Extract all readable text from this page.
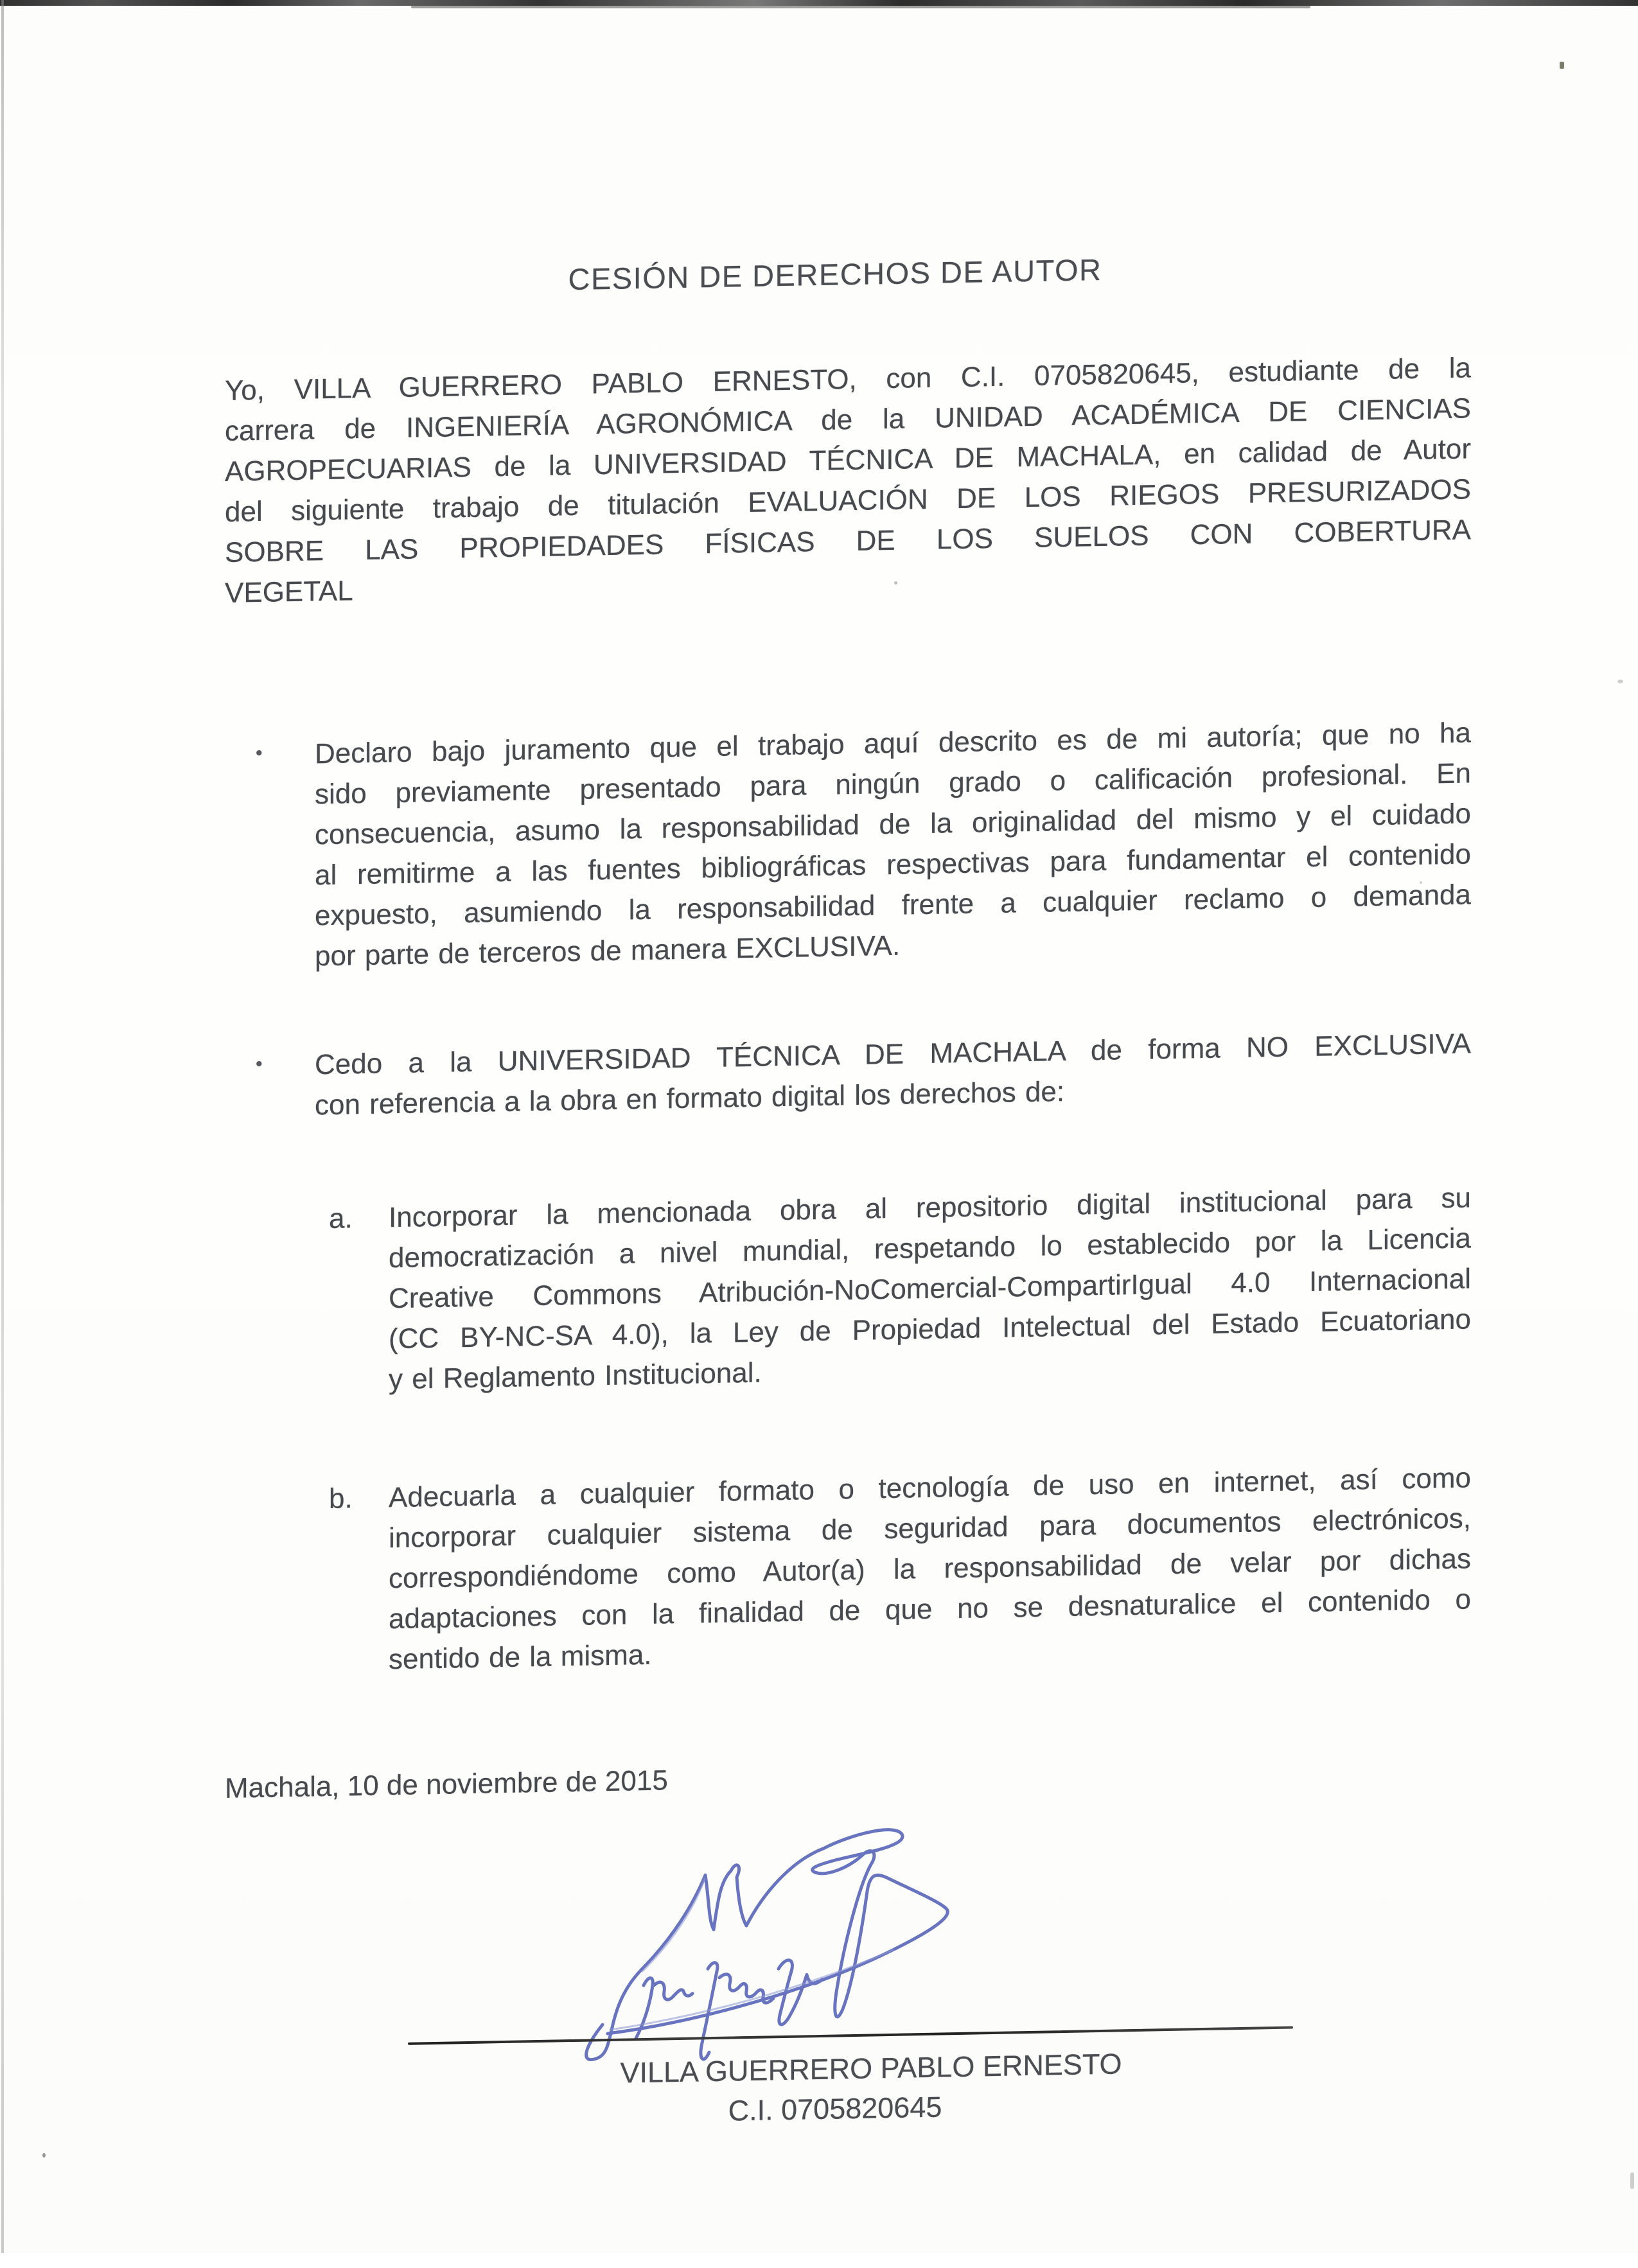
CESIÓN DE DERECHOS DE AUTOR
Yo, VILLA GUERRERO PABLO ERNESTO, con C.I. 0705820645, estudiante de la
carrera de INGENIERÍA AGRONÓMICA de la UNIDAD ACADÉMICA DE CIENCIAS
AGROPECUARIAS de la UNIVERSIDAD TÉCNICA DE MACHALA, en calidad de Autor
del siguiente trabajo de titulación EVALUACIÓN DE LOS RIEGOS PRESURIZADOS
SOBRE LAS PROPIEDADES FÍSICAS DE LOS SUELOS CON COBERTURA
VEGETAL
• Declaro bajo juramento que el trabajo aquí descrito es de mi autoría; que no ha
sido previamente presentado para ningún grado o calificación profesional. En
consecuencia, asumo la responsabilidad de la originalidad del mismo y el cuidado
al remitirme a las fuentes bibliográficas respectivas para fundamentar el contenido
expuesto, asumiendo la responsabilidad frente a cualquier reclamo o demanda
por parte de terceros de manera EXCLUSIVA.
• Cedo a la UNIVERSIDAD TÉCNICA DE MACHALA de forma NO EXCLUSIVA
con referencia a la obra en formato digital los derechos de:
a. Incorporar la mencionada obra al repositorio digital institucional para su
democratización a nivel mundial, respetando lo establecido por la Licencia
Creative Commons Atribución-NoComercial-CompartirIgual 4.0 Internacional
(CC BY-NC-SA 4.0), la Ley de Propiedad Intelectual del Estado Ecuatoriano
y el Reglamento Institucional.
b. Adecuarla a cualquier formato o tecnología de uso en internet, así como
incorporar cualquier sistema de seguridad para documentos electrónicos,
correspondiéndome como Autor(a) la responsabilidad de velar por dichas
adaptaciones con la finalidad de que no se desnaturalice el contenido o
sentido de la misma.
Machala, 10 de noviembre de 2015
VILLA GUERRERO PABLO ERNESTO
C.I. 0705820645
